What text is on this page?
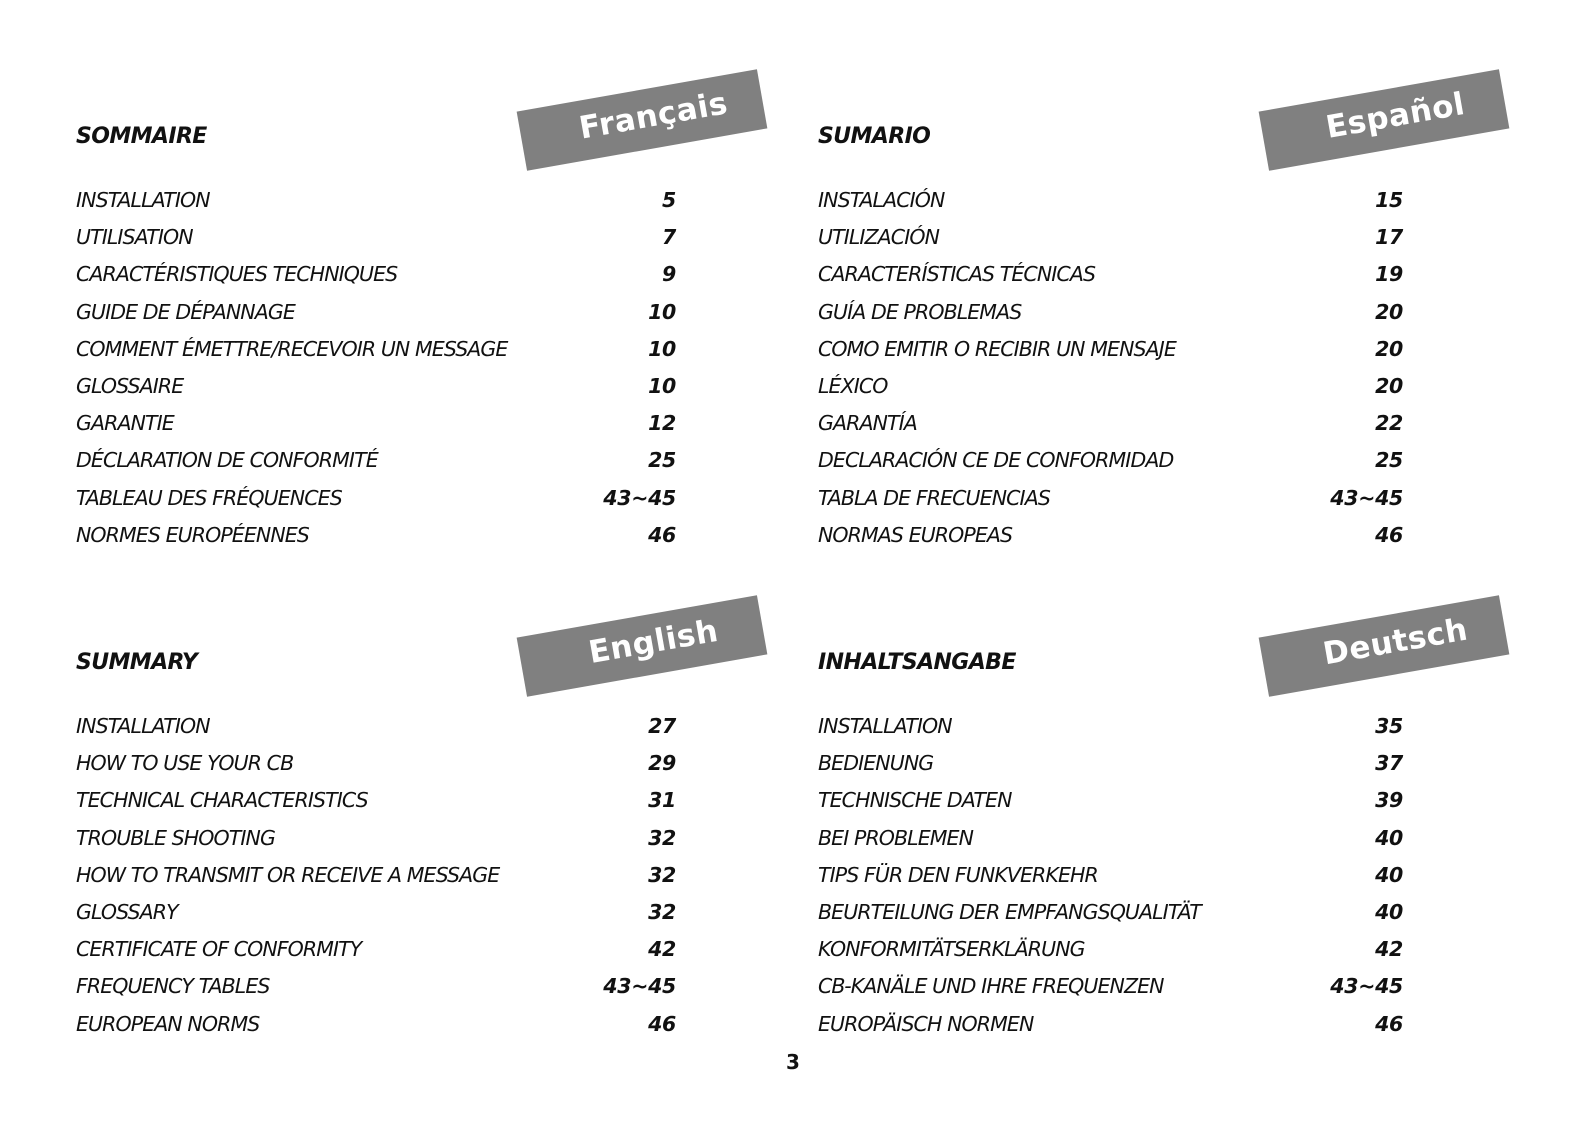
Français
SOMMAIRE
INSTALLATION	5
UTILISATION	7
CARACTÉRISTIQUES TECHNIQUES	9
GUIDE DE DÉPANNAGE	10
COMMENT ÉMETTRE/RECEVOIR UN MESSAGE	10
GLOSSAIRE	10
GARANTIE	12
DÉCLARATION DE CONFORMITÉ	25
TABLEAU DES FRÉQUENCES	43~45
NORMES EUROPÉENNES	46
Español
SUMARIO
INSTALACIÓN	15
UTILIZACIÓN	17
CARACTERÍSTICAS TÉCNICAS	19
GUÍA DE PROBLEMAS	20
COMO EMITIR O RECIBIR UN MENSAJE	20
LÉXICO	20
GARANTÍA	22
DECLARACIÓN CE DE CONFORMIDAD	25
TABLA DE FRECUENCIAS	43~45
NORMAS EUROPEAS	46
English
SUMMARY
INSTALLATION	27
HOW TO USE YOUR CB	29
TECHNICAL CHARACTERISTICS	31
TROUBLE SHOOTING	32
HOW TO TRANSMIT OR RECEIVE A MESSAGE	32
GLOSSARY	32
CERTIFICATE OF CONFORMITY	42
FREQUENCY TABLES	43~45
EUROPEAN NORMS	46
Deutsch
INHALTSANGABE
INSTALLATION	35
BEDIENUNG	37
TECHNISCHE DATEN	39
BEI PROBLEMEN	40
TIPS FÜR DEN FUNKVERKEHR	40
BEURTEILUNG DER EMPFANGSQUALITÄT	40
KONFORMITÄTSERKLÄRUNG	42
CB-KANÄLE UND IHRE FREQUENZEN	43~45
EUROPÄISCH NORMEN	46
3
